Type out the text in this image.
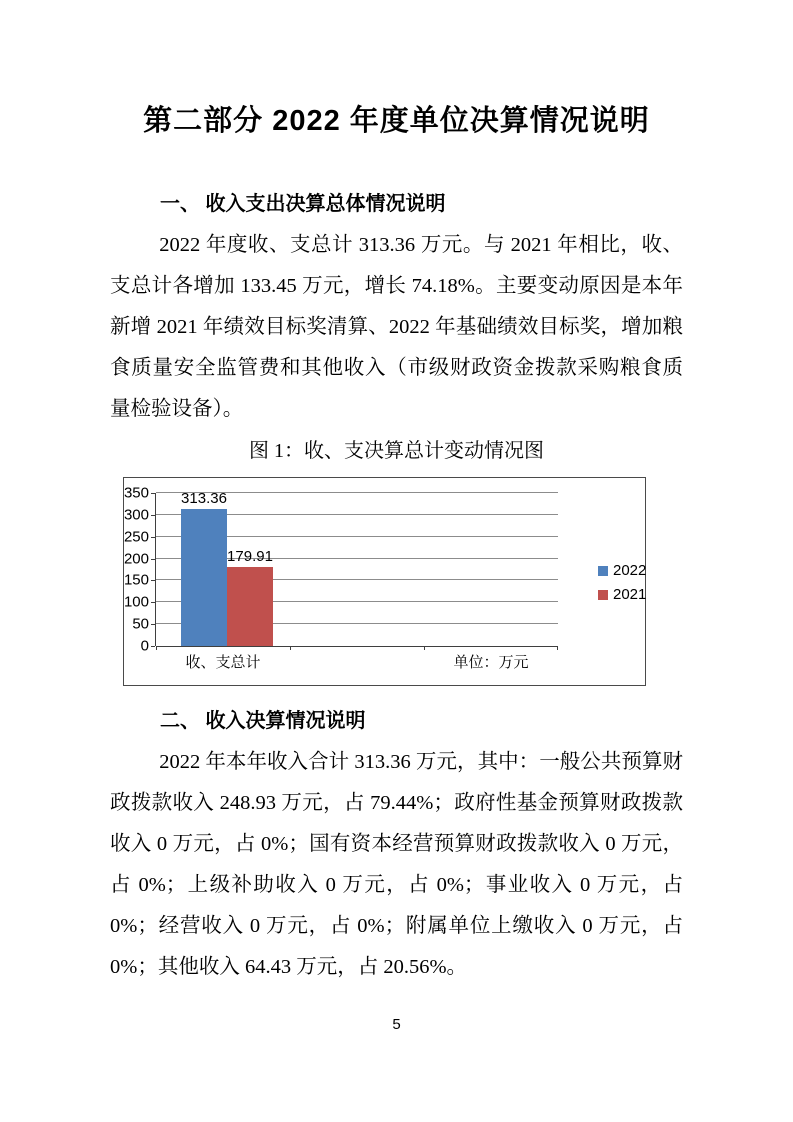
第二部分 2022 年度单位决算情况说明
一、 收入支出决算总体情况说明

2022 年度收、支总计 313.36 万元。与 2021 年相比，收、支总计各增加 133.45 万元，增长 74.18%。主要变动原因是本年新增 2021 年绩效目标奖清算、2022 年基础绩效目标奖，增加粮食质量安全监管费和其他收入（市级财政资金拨款采购粮食质量检验设备）。

图 1：收、支决算总计变动情况图
0
50
100
150
200
250
300
350
收、支总计	单位：万元
313.36
179.91
2022
2021
二、 收入决算情况说明

2022 年本年收入合计 313.36 万元，其中：一般公共预算财政拨款收入 248.93 万元，占 79.44%；政府性基金预算财政拨款收入 0 万元，占 0%；国有资本经营预算财政拨款收入 0 万元，占 0%；上级补助收入 0 万元，占 0%；事业收入 0 万元，占 0%；经营收入 0 万元，占 0%；附属单位上缴收入 0 万元，占 0%；其他收入 64.43 万元，占 20.56%。

5
